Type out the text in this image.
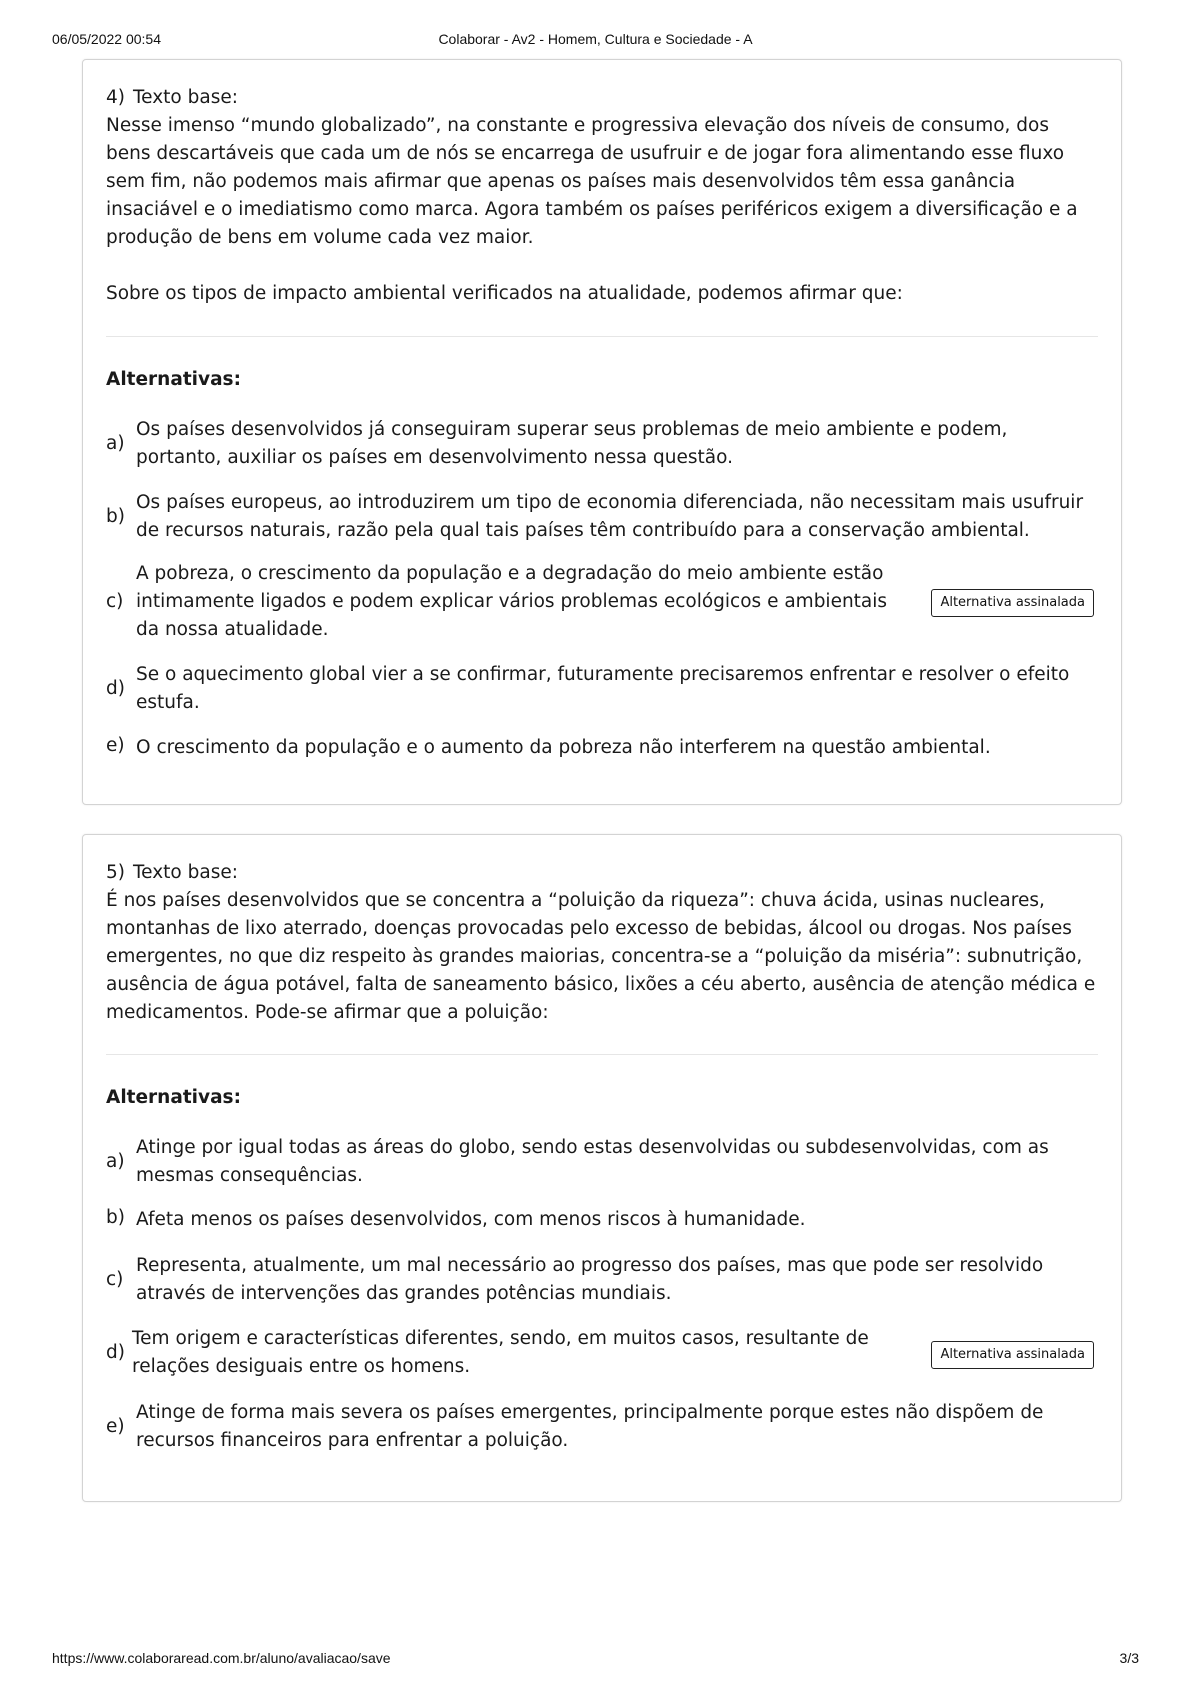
06/05/2022 00:54	Colaborar - Av2 - Homem, Cultura e Sociedade - A
4) Texto base:
Nesse imenso “mundo globalizado”, na constante e progressiva elevação dos níveis de consumo, dos bens descartáveis que cada um de nós se encarrega de usufruir e de jogar fora alimentando esse fluxo sem fim, não podemos mais afirmar que apenas os países mais desenvolvidos têm essa ganância insaciável e o imediatismo como marca. Agora também os países periféricos exigem a diversificação e a produção de bens em volume cada vez maior.
Sobre os tipos de impacto ambiental verificados na atualidade, podemos afirmar que:
Alternativas:
a)
Os países desenvolvidos já conseguiram superar seus problemas de meio ambiente e podem, portanto, auxiliar os países em desenvolvimento nessa questão.
b)
Os países europeus, ao introduzirem um tipo de economia diferenciada, não necessitam mais usufruir de recursos naturais, razão pela qual tais países têm contribuído para a conservação ambiental.
c)
A pobreza, o crescimento da população e a degradação do meio ambiente estão intimamente ligados e podem explicar vários problemas ecológicos e ambientais da nossa atualidade.
Alternativa assinalada
d)
Se o aquecimento global vier a se confirmar, futuramente precisaremos enfrentar e resolver o efeito estufa.
e) O crescimento da população e o aumento da pobreza não interferem na questão ambiental.
5) Texto base:
É nos países desenvolvidos que se concentra a “poluição da riqueza”: chuva ácida, usinas nucleares, montanhas de lixo aterrado, doenças provocadas pelo excesso de bebidas, álcool ou drogas. Nos países emergentes, no que diz respeito às grandes maiorias, concentra-se a “poluição da miséria”: subnutrição, ausência de água potável, falta de saneamento básico, lixões a céu aberto, ausência de atenção médica e medicamentos. Pode-se afirmar que a poluição:
Alternativas:
a)
Atinge por igual todas as áreas do globo, sendo estas desenvolvidas ou subdesenvolvidas, com as mesmas consequências.
b) Afeta menos os países desenvolvidos, com menos riscos à humanidade.
c)
Representa, atualmente, um mal necessário ao progresso dos países, mas que pode ser resolvido através de intervenções das grandes potências mundiais.
d)
Tem origem e características diferentes, sendo, em muitos casos, resultante de relações desiguais entre os homens.
Alternativa assinalada
e)
Atinge de forma mais severa os países emergentes, principalmente porque estes não dispõem de recursos financeiros para enfrentar a poluição.
https://www.colaboraread.com.br/aluno/avaliacao/save	3/3
